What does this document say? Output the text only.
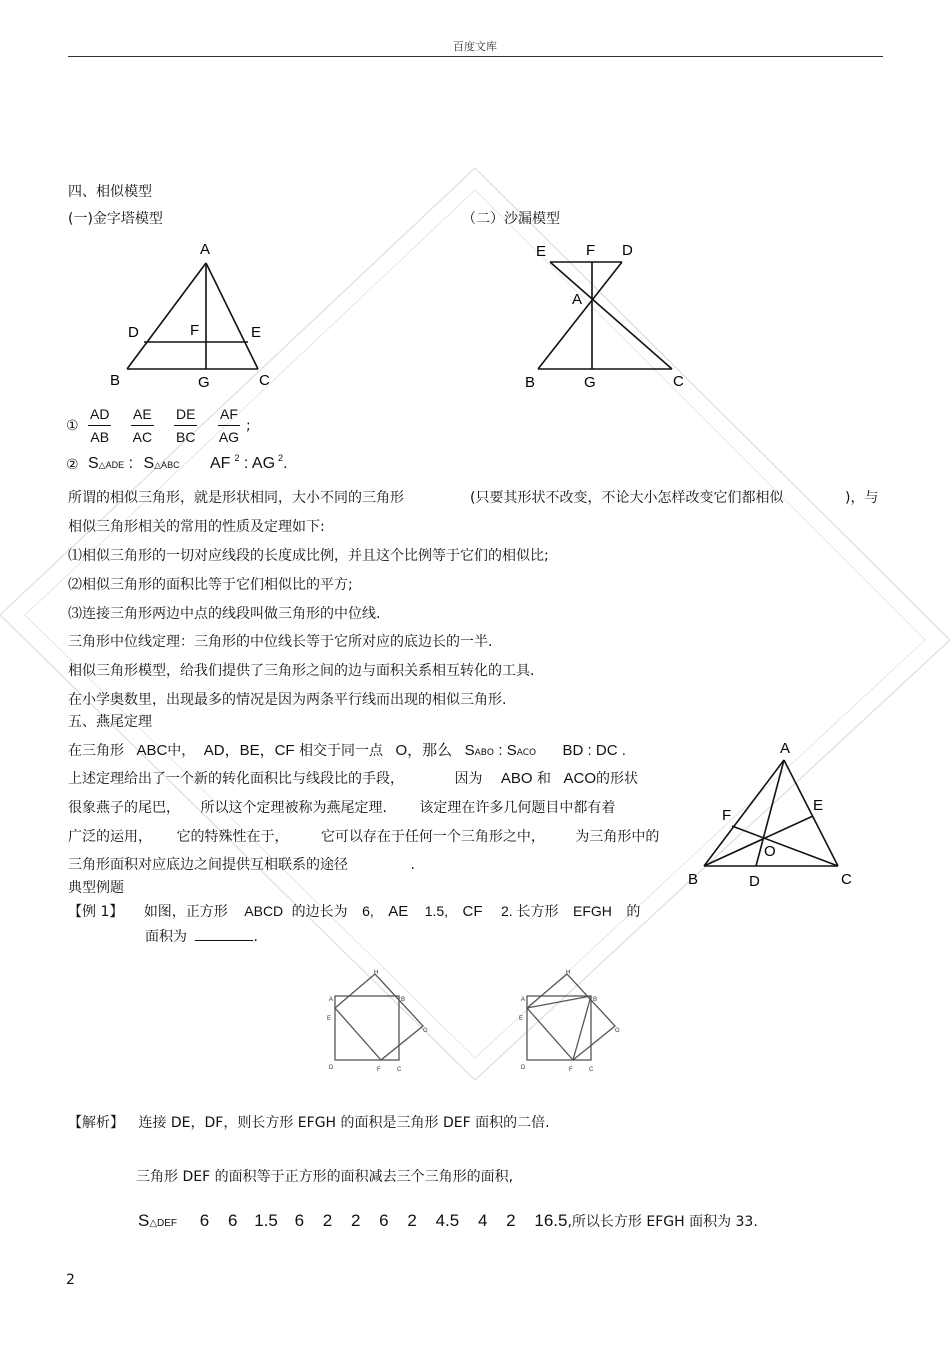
百度文库
四、相似模型
(一)金字塔模型	（二）沙漏模型
A
D	F	E
B	G	C
E	F D
A
B	G	C
① $\frac{AD}{AB} \frac{AE}{AC} \frac{DE}{BC} \frac{AF}{AG}$ ;
② S△ADE : S△ABC AF $^2$ : AG $^2$.
所谓的相似三角形，就是形状相同，大小不同的三角形	(只要其形状不改变，不论大小怎样改变它们都相似	)，与
相似三角形相关的常用的性质及定理如下:
⑴相似三角形的一切对应线段的长度成比例，并且这个比例等于它们的相似比;
⑵相似三角形的面积比等于它们相似比的平方;
⑶连接三角形两边中点的线段叫做三角形的中位线.
三角形中位线定理：三角形的中位线长等于它所对应的底边长的一半.
相似三角形模型，给我们提供了三角形之间的边与面积关系相互转化的工具.
在小学奥数里，出现最多的情况是因为两条平行线而出现的相似三角形.
五、燕尾定理
在三角形 ABC中， AD，BE，CF 相交于同一点 O，那么 SABO : SACO BD : DC .
上述定理给出了一个新的转化面积比与线段比的手段，	因为 ABO 和 ACO的形状
很象燕子的尾巴， 所以这个定理被称为燕尾定理. 该定理在许多几何题目中都有着
广泛的运用， 它的特殊性在于， 它可以存在于任何一个三角形之中， 为三角形中的
三角形面积对应底边之间提供互相联系的途径	.
A
F
E
O
B	D	C
典型例题
【例 1】 如图，正方形 ABCD 的边长为 6, AE 1.5, CF 2. 长方形 EFGH 的
面积为	.
H
A	B
E
G
D	F	C
H
A	B
E
G
D	F	C
【解析】 连接 DE，DF，则长方形 EFGH 的面积是三角形 DEF 面积的二倍.
三角形 DEF 的面积等于正方形的面积减去三个三角形的面积,
S△DEF 6 6 1.5 6 2 2 6 2 4.5 4 2 16.5,所以长方形 EFGH 面积为 33.
2
